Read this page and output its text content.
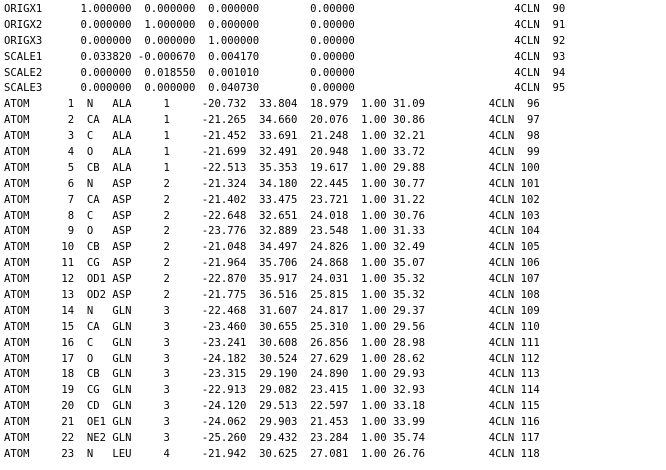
ORIGX1      1.000000  0.000000  0.000000        0.00000                         4CLN  90
ORIGX2      0.000000  1.000000  0.000000        0.00000                         4CLN  91
ORIGX3      0.000000  0.000000  1.000000        0.00000                         4CLN  92
SCALE1      0.033820 -0.000670  0.004170        0.00000                         4CLN  93
SCALE2      0.000000  0.018550  0.001010        0.00000                         4CLN  94
SCALE3      0.000000  0.000000  0.040730        0.00000                         4CLN  95
ATOM      1  N   ALA     1     -20.732  33.804  18.979  1.00 31.09          4CLN  96
ATOM      2  CA  ALA     1     -21.265  34.660  20.076  1.00 30.86          4CLN  97
ATOM      3  C   ALA     1     -21.452  33.691  21.248  1.00 32.21          4CLN  98
ATOM      4  O   ALA     1     -21.699  32.491  20.948  1.00 33.72          4CLN  99
ATOM      5  CB  ALA     1     -22.513  35.353  19.617  1.00 29.88          4CLN 100
ATOM      6  N   ASP     2     -21.324  34.180  22.445  1.00 30.77          4CLN 101
ATOM      7  CA  ASP     2     -21.402  33.475  23.721  1.00 31.22          4CLN 102
ATOM      8  C   ASP     2     -22.648  32.651  24.018  1.00 30.76          4CLN 103
ATOM      9  O   ASP     2     -23.776  32.889  23.548  1.00 31.33          4CLN 104
ATOM     10  CB  ASP     2     -21.048  34.497  24.826  1.00 32.49          4CLN 105
ATOM     11  CG  ASP     2     -21.964  35.706  24.868  1.00 35.07          4CLN 106
ATOM     12  OD1 ASP     2     -22.870  35.917  24.031  1.00 35.32          4CLN 107
ATOM     13  OD2 ASP     2     -21.775  36.516  25.815  1.00 35.32          4CLN 108
ATOM     14  N   GLN     3     -22.468  31.607  24.817  1.00 29.37          4CLN 109
ATOM     15  CA  GLN     3     -23.460  30.655  25.310  1.00 29.56          4CLN 110
ATOM     16  C   GLN     3     -23.241  30.608  26.856  1.00 28.98          4CLN 111
ATOM     17  O   GLN     3     -24.182  30.524  27.629  1.00 28.62          4CLN 112
ATOM     18  CB  GLN     3     -23.315  29.190  24.890  1.00 29.93          4CLN 113
ATOM     19  CG  GLN     3     -22.913  29.082  23.415  1.00 32.93          4CLN 114
ATOM     20  CD  GLN     3     -24.120  29.513  22.597  1.00 33.18          4CLN 115
ATOM     21  OE1 GLN     3     -24.062  29.903  21.453  1.00 33.99          4CLN 116
ATOM     22  NE2 GLN     3     -25.260  29.432  23.284  1.00 35.74          4CLN 117
ATOM     23  N   LEU     4     -21.942  30.625  27.081  1.00 26.76          4CLN 118
